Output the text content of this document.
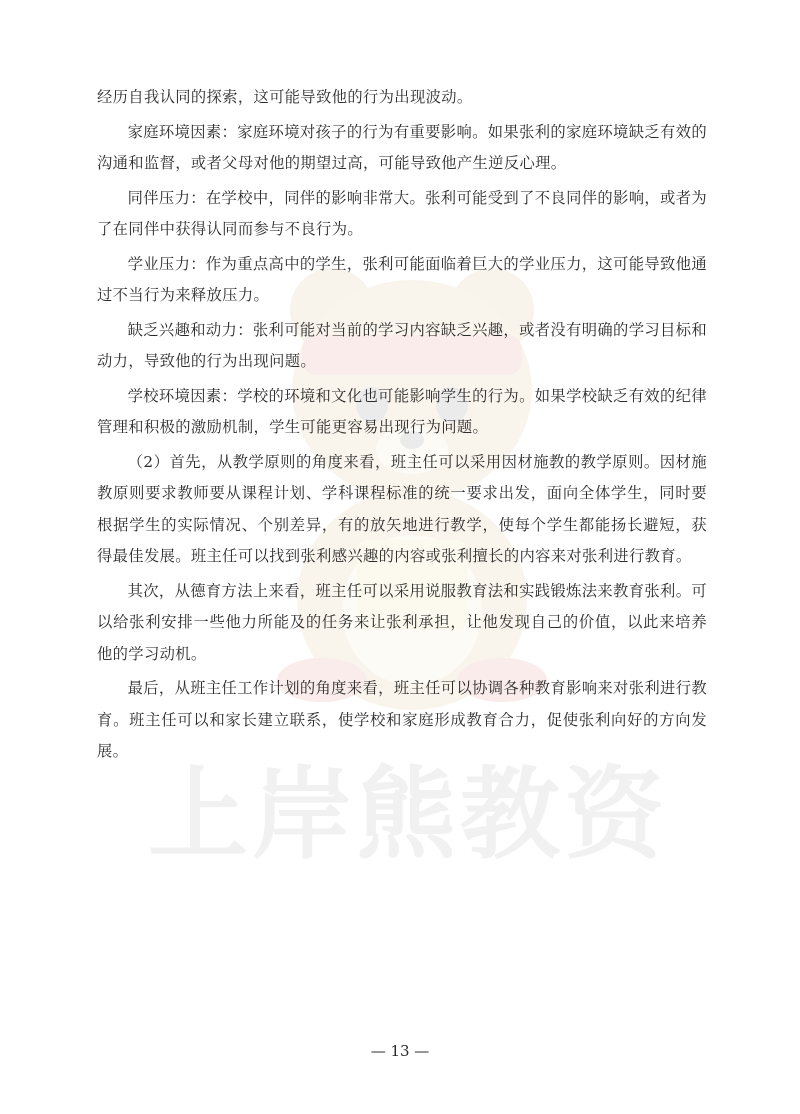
上岸熊教资

经历自我认同的探索，这可能导致他的行为出现波动。

家庭环境因素：家庭环境对孩子的行为有重要影响。如果张利的家庭环境缺乏有效的沟通和监督，或者父母对他的期望过高，可能导致他产生逆反心理。

同伴压力：在学校中，同伴的影响非常大。张利可能受到了不良同伴的影响，或者为了在同伴中获得认同而参与不良行为。

学业压力：作为重点高中的学生，张利可能面临着巨大的学业压力，这可能导致他通过不当行为来释放压力。

缺乏兴趣和动力：张利可能对当前的学习内容缺乏兴趣，或者没有明确的学习目标和动力，导致他的行为出现问题。

学校环境因素：学校的环境和文化也可能影响学生的行为。如果学校缺乏有效的纪律管理和积极的激励机制，学生可能更容易出现行为问题。

（2）首先，从教学原则的角度来看，班主任可以采用因材施教的教学原则。因材施教原则要求教师要从课程计划、学科课程标准的统一要求出发，面向全体学生，同时要根据学生的实际情况、个别差异，有的放矢地进行教学，使每个学生都能扬长避短，获得最佳发展。班主任可以找到张利感兴趣的内容或张利擅长的内容来对张利进行教育。

其次，从德育方法上来看，班主任可以采用说服教育法和实践锻炼法来教育张利。可以给张利安排一些他力所能及的任务来让张利承担，让他发现自己的价值，以此来培养他的学习动机。

最后，从班主任工作计划的角度来看，班主任可以协调各种教育影响来对张利进行教育。班主任可以和家长建立联系，使学校和家庭形成教育合力，促使张利向好的方向发展。

— 13 —
